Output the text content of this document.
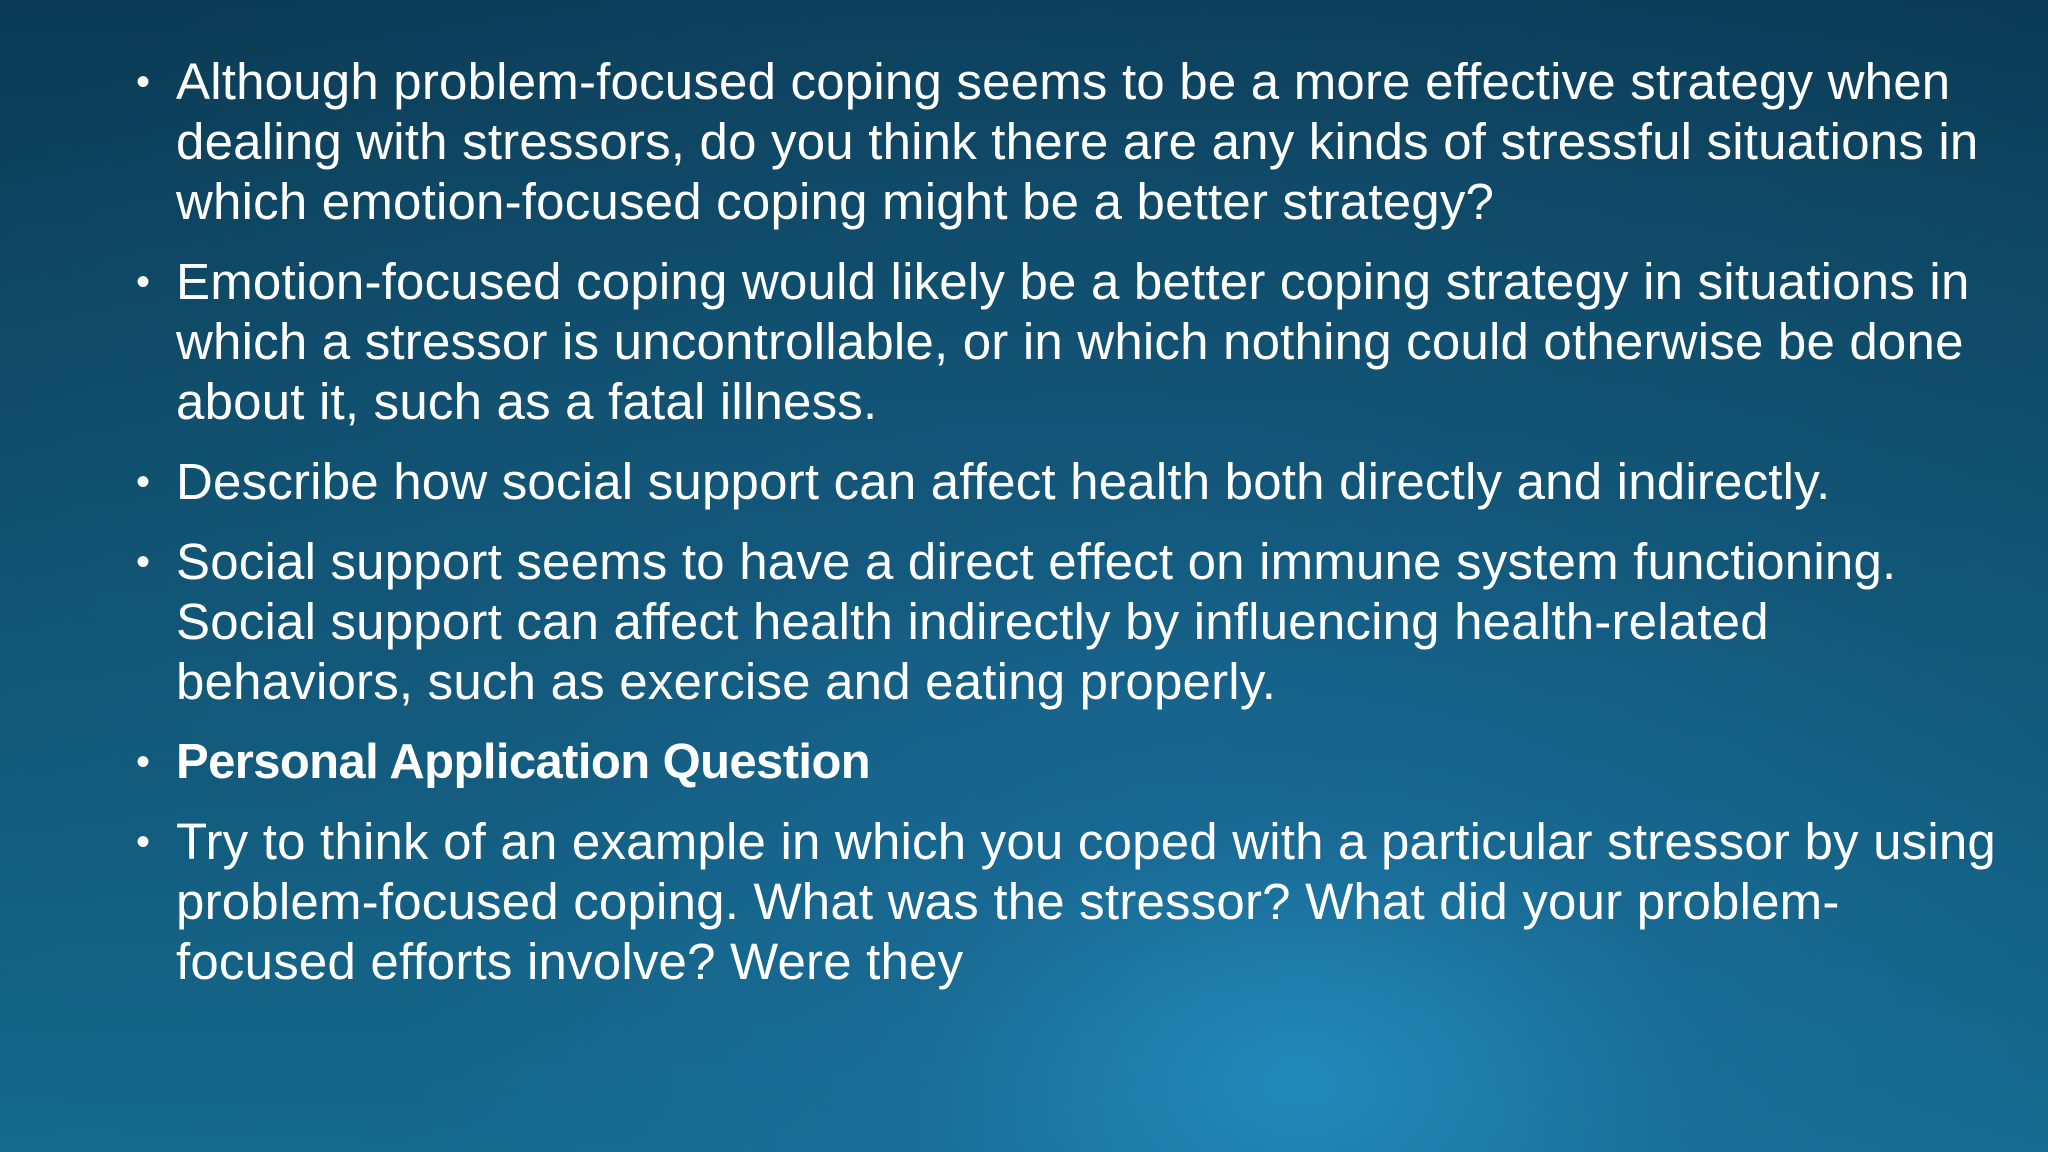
• Although problem-focused coping seems to be a more effective strategy when dealing with stressors, do you think there are any kinds of stressful situations in which emotion-focused coping might be a better strategy?
• Emotion-focused coping would likely be a better coping strategy in situations in which a stressor is uncontrollable, or in which nothing could otherwise be done about it, such as a fatal illness.
• Describe how social support can affect health both directly and indirectly.
• Social support seems to have a direct effect on immune system functioning. Social support can affect health indirectly by influencing health-related behaviors, such as exercise and eating properly.
• Personal Application Question
• Try to think of an example in which you coped with a particular stressor by using problem-focused coping. What was the stressor? What did your problem-focused efforts involve? Were they
